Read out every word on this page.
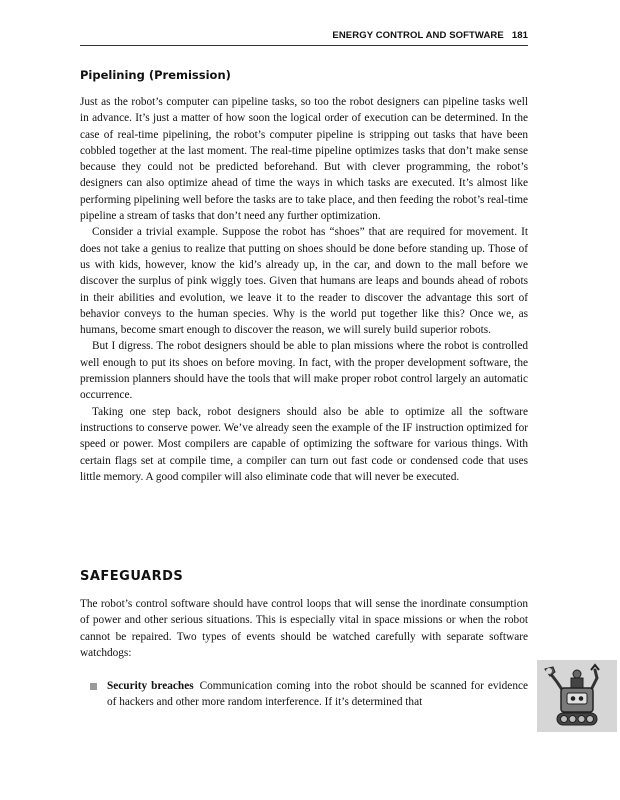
ENERGY CONTROL AND SOFTWARE 181
Pipelining (Premission)

Just as the robot’s computer can pipeline tasks, so too the robot designers can pipeline tasks well in advance. It’s just a matter of how soon the logical order of execution can be determined. In the case of real-time pipelining, the robot’s computer pipeline is stripping out tasks that have been cobbled together at the last moment. The real-time pipeline optimizes tasks that don’t make sense because they could not be predicted beforehand. But with clever programming, the robot’s designers can also optimize ahead of time the ways in which tasks are executed. It’s almost like performing pipelining well before the tasks are to take place, and then feeding the robot’s real-time pipeline a stream of tasks that don’t need any further optimization.

Consider a trivial example. Suppose the robot has “shoes” that are required for movement. It does not take a genius to realize that putting on shoes should be done before standing up. Those of us with kids, however, know the kid’s already up, in the car, and down to the mall before we discover the surplus of pink wiggly toes. Given that humans are leaps and bounds ahead of robots in their abilities and evolution, we leave it to the reader to discover the advantage this sort of behavior conveys to the human species. Why is the world put together like this? Once we, as humans, become smart enough to discover the reason, we will surely build superior robots.

But I digress. The robot designers should be able to plan missions where the robot is controlled well enough to put its shoes on before moving. In fact, with the proper development software, the premission planners should have the tools that will make proper robot control largely an automatic occurrence.

Taking one step back, robot designers should also be able to optimize all the software instructions to conserve power. We’ve already seen the example of the IF instruction optimized for speed or power. Most compilers are capable of optimizing the software for various things. With certain flags set at compile time, a compiler can turn out fast code or condensed code that uses little memory. A good compiler will also eliminate code that will never be executed.

SAFEGUARDS

The robot’s control software should have control loops that will sense the inordinate consumption of power and other serious situations. This is especially vital in space missions or when the robot cannot be repaired. Two types of events should be watched carefully with separate software watchdogs:

Security breaches Communication coming into the robot should be scanned for evidence of hackers and other more random interference. If it’s determined that
